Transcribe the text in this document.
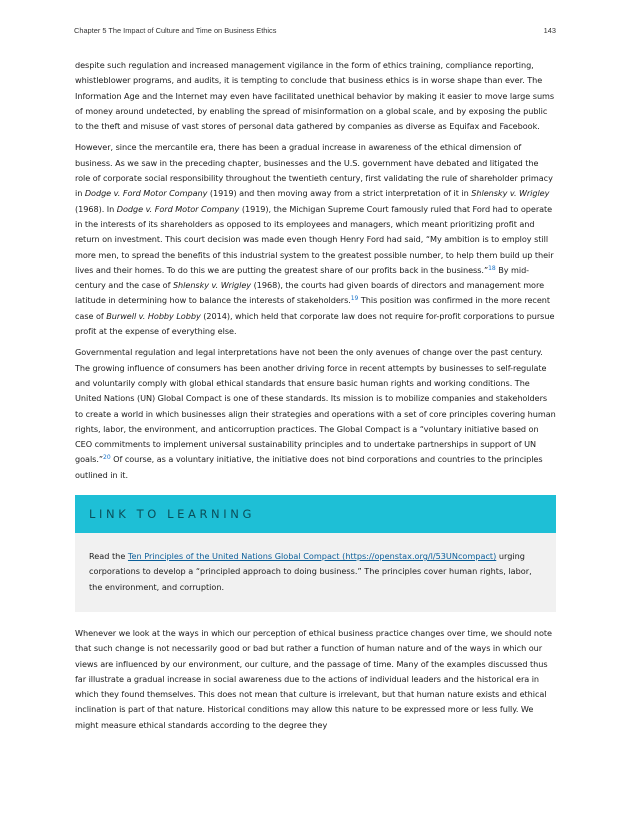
Chapter 5 The Impact of Culture and Time on Business Ethics	143

despite such regulation and increased management vigilance in the form of ethics training, compliance reporting, whistleblower programs, and audits, it is tempting to conclude that business ethics is in worse shape than ever. The Information Age and the Internet may even have facilitated unethical behavior by making it easier to move large sums of money around undetected, by enabling the spread of misinformation on a global scale, and by exposing the public to the theft and misuse of vast stores of personal data gathered by companies as diverse as Equifax and Facebook.

However, since the mercantile era, there has been a gradual increase in awareness of the ethical dimension of business. As we saw in the preceding chapter, businesses and the U.S. government have debated and litigated the role of corporate social responsibility throughout the twentieth century, first validating the rule of shareholder primacy in Dodge v. Ford Motor Company (1919) and then moving away from a strict interpretation of it in Shlensky v. Wrigley (1968). In Dodge v. Ford Motor Company (1919), the Michigan Supreme Court famously ruled that Ford had to operate in the interests of its shareholders as opposed to its employees and managers, which meant prioritizing profit and return on investment. This court decision was made even though Henry Ford had said, “My ambition is to employ still more men, to spread the benefits of this industrial system to the greatest possible number, to help them build up their lives and their homes. To do this we are putting the greatest share of our profits back in the business.”$^{18}$ By mid-century and the case of Shlensky v. Wrigley (1968), the courts had given boards of directors and management more latitude in determining how to balance the interests of stakeholders.$^{19}$ This position was confirmed in the more recent case of Burwell v. Hobby Lobby (2014), which held that corporate law does not require for-profit corporations to pursue profit at the expense of everything else.

Governmental regulation and legal interpretations have not been the only avenues of change over the past century. The growing influence of consumers has been another driving force in recent attempts by businesses to self-regulate and voluntarily comply with global ethical standards that ensure basic human rights and working conditions. The United Nations (UN) Global Compact is one of these standards. Its mission is to mobilize companies and stakeholders to create a world in which businesses align their strategies and operations with a set of core principles covering human rights, labor, the environment, and anticorruption practices. The Global Compact is a “voluntary initiative based on CEO commitments to implement universal sustainability principles and to undertake partnerships in support of UN goals.”$^{20}$ Of course, as a voluntary initiative, the initiative does not bind corporations and countries to the principles outlined in it.

LINK TO LEARNING
Read the Ten Principles of the United Nations Global Compact (https://openstax.org/l/53UNcompact) urging corporations to develop a “principled approach to doing business.” The principles cover human rights, labor, the environment, and corruption.

Whenever we look at the ways in which our perception of ethical business practice changes over time, we should note that such change is not necessarily good or bad but rather a function of human nature and of the ways in which our views are influenced by our environment, our culture, and the passage of time. Many of the examples discussed thus far illustrate a gradual increase in social awareness due to the actions of individual leaders and the historical era in which they found themselves. This does not mean that culture is irrelevant, but that human nature exists and ethical inclination is part of that nature. Historical conditions may allow this nature to be expressed more or less fully. We might measure ethical standards according to the degree they
